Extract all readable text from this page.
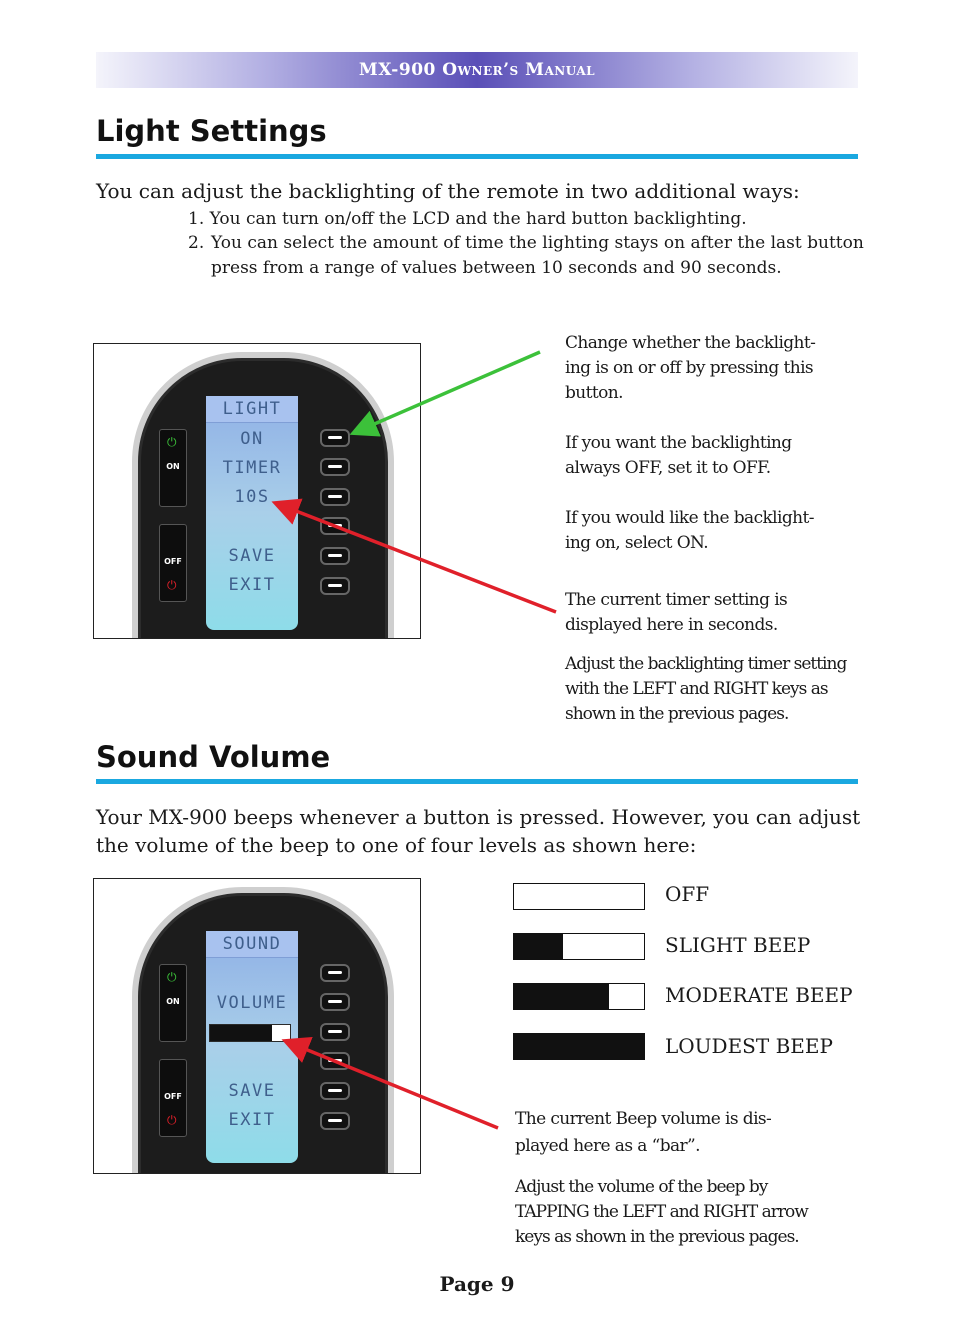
MX-900 Owner’s Manual
Light Settings

You can adjust the backlighting of the remote in two additional ways:

1. You can turn on/off the LCD and the hard button backlighting.

2. You can select the amount of time the lighting stays on after the last button

press from a range of values between 10 seconds and 90 seconds.

⏻
ON
OFF
⏻
LIGHT
ON
TIMER
10S
SAVE
EXIT

Change whether the backlight-

ing is on or off by pressing this

button.

If you want the backlighting

always OFF, set it to OFF.

If you would like the backlight-

ing on, select ON.

The current timer setting is

displayed here in seconds.

Adjust the backlighting timer setting

with the LEFT and RIGHT keys as

shown in the previous pages.

Sound Volume

Your MX-900 beeps whenever a button is pressed. However, you can adjust

the volume of the beep to one of four levels as shown here:

⏻
ON
OFF
⏻
SOUND
VOLUME
SAVE
EXIT
OFF
SLIGHT BEEP
MODERATE BEEP
LOUDEST BEEP

The current Beep volume is dis-

played here as a “bar”.

Adjust the volume of the beep by

TAPPING the LEFT and RIGHT arrow

keys as shown in the previous pages.

Page 9
